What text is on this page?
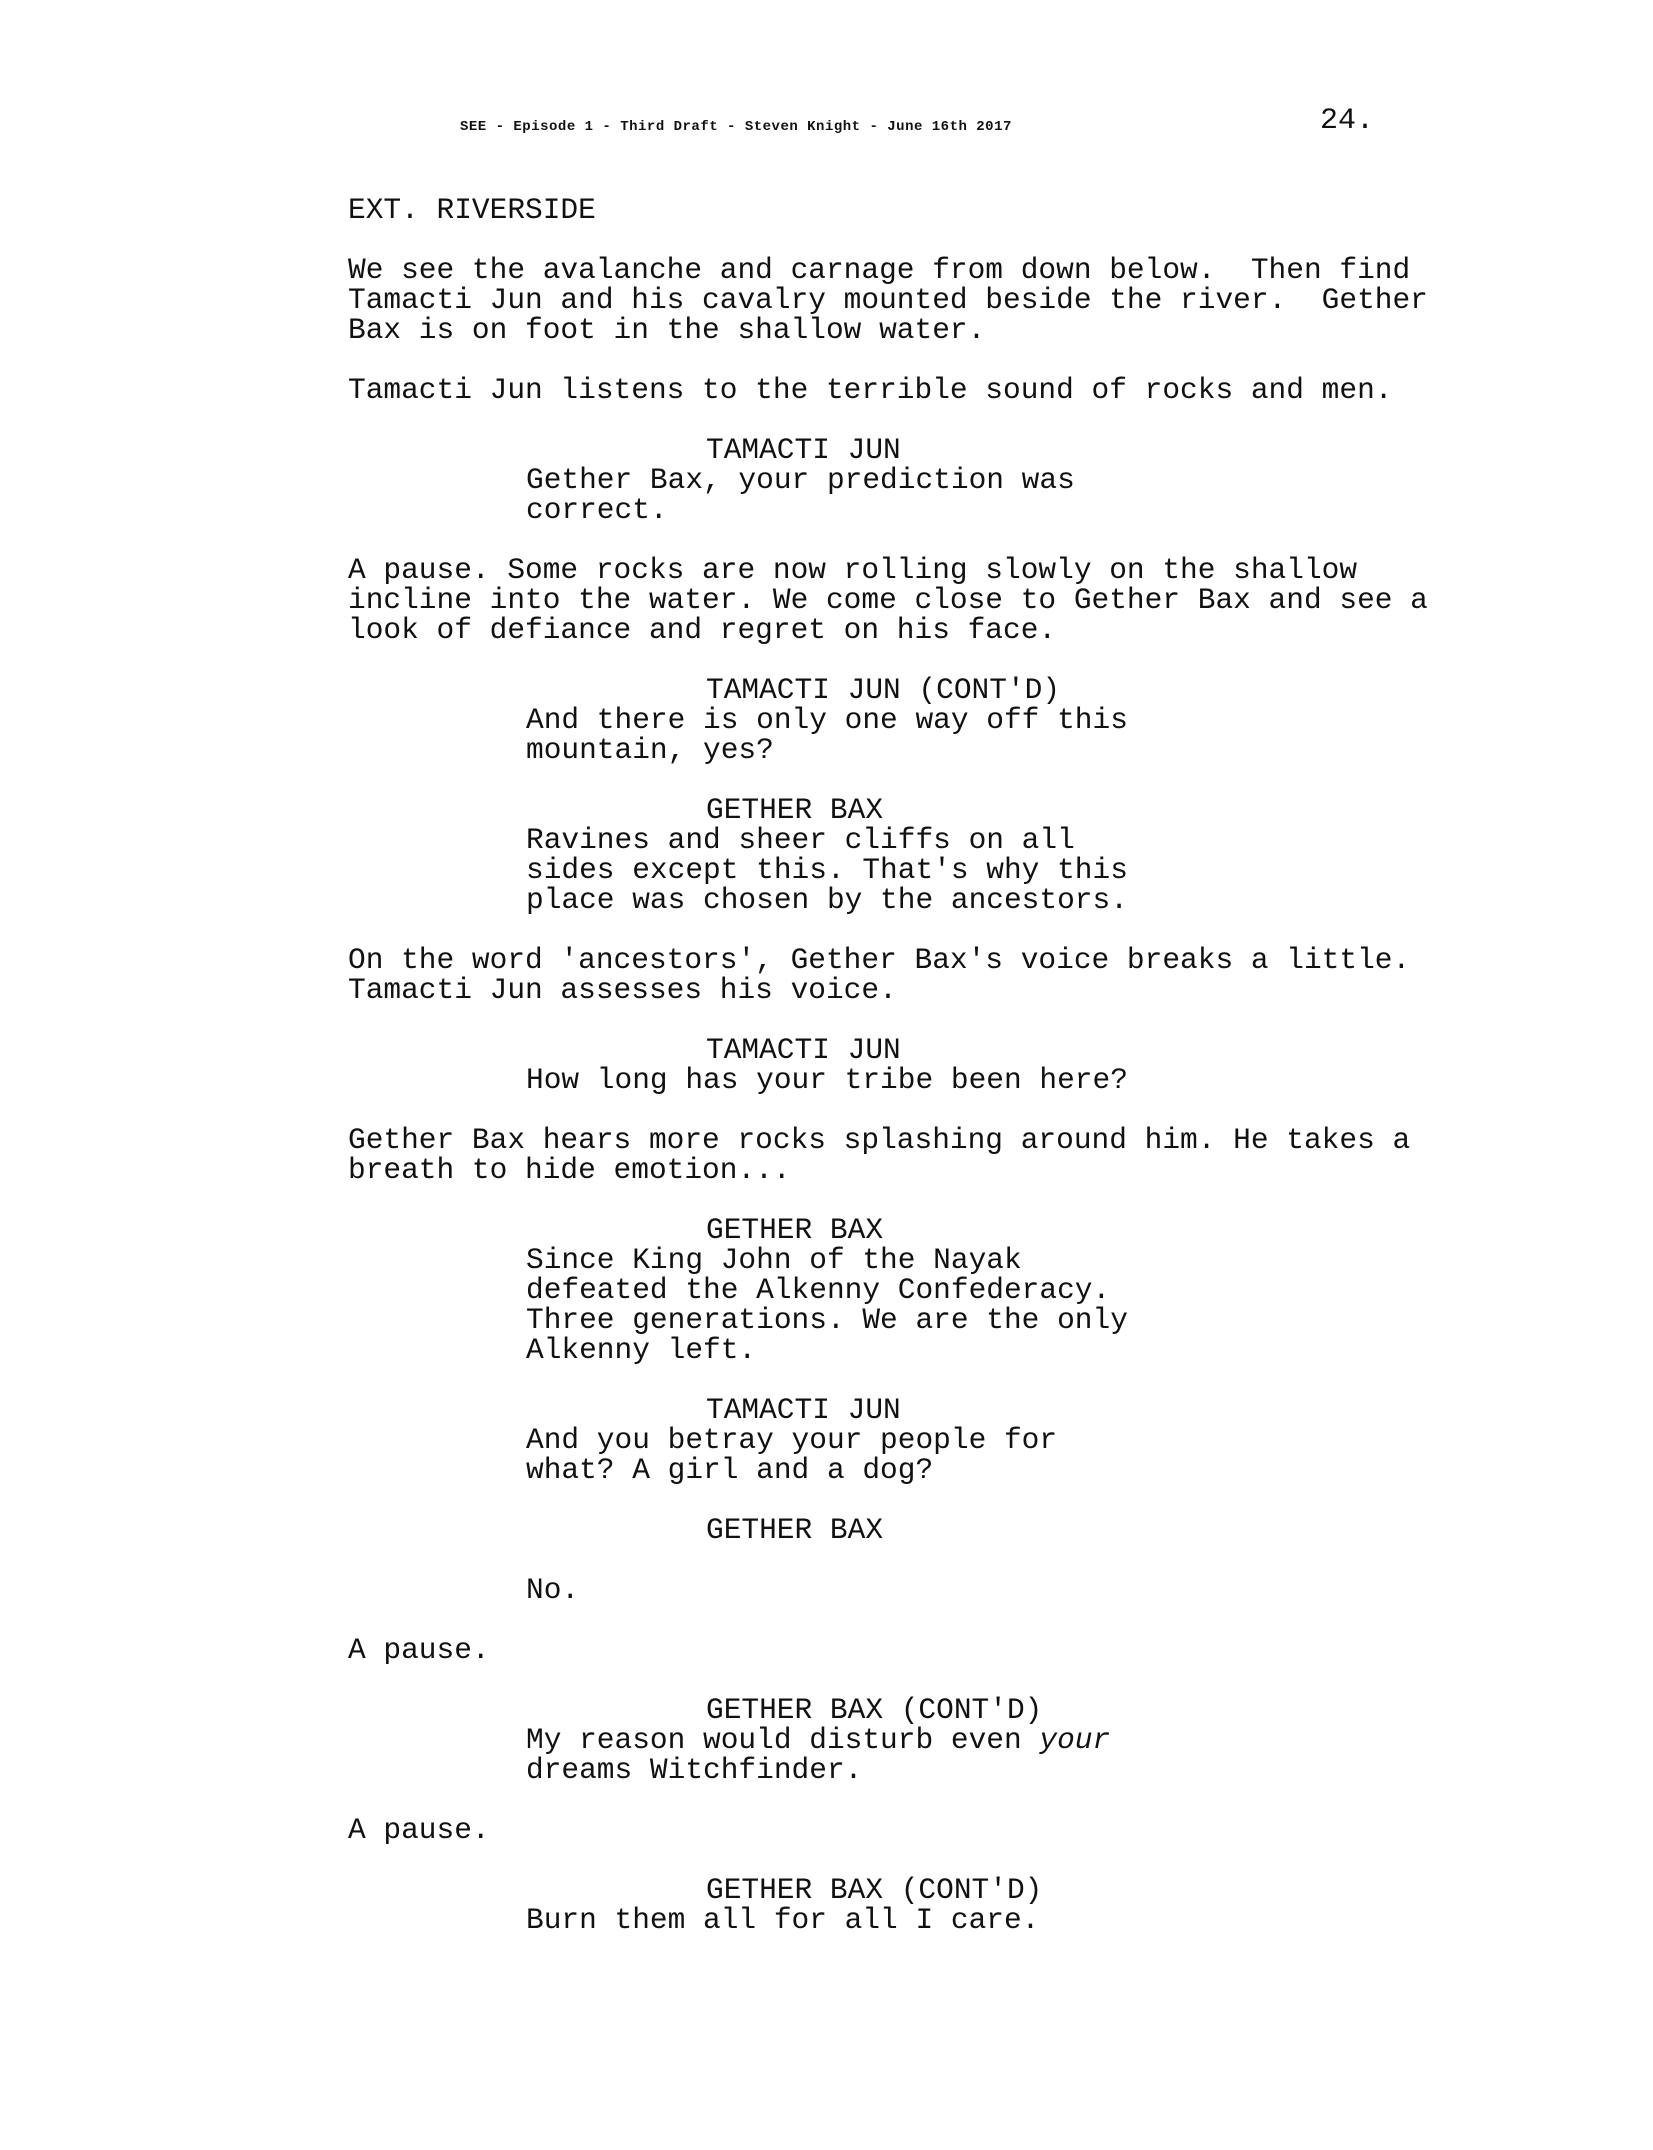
SEE - Episode 1 - Third Draft - Steven Knight - June 16th 2017	24.
EXT. RIVERSIDE
We see the avalanche and carnage from down below.  Then find
Tamacti Jun and his cavalry mounted beside the river.  Gether
Bax is on foot in the shallow water.
Tamacti Jun listens to the terrible sound of rocks and men.
TAMACTI JUN
Gether Bax, your prediction was
correct.
A pause. Some rocks are now rolling slowly on the shallow
incline into the water. We come close to Gether Bax and see a
look of defiance and regret on his face.
TAMACTI JUN (CONT'D)
And there is only one way off this
mountain, yes?
GETHER BAX
Ravines and sheer cliffs on all
sides except this. That's why this
place was chosen by the ancestors.
On the word 'ancestors', Gether Bax's voice breaks a little.
Tamacti Jun assesses his voice.
TAMACTI JUN
How long has your tribe been here?
Gether Bax hears more rocks splashing around him. He takes a
breath to hide emotion...
GETHER BAX
Since King John of the Nayak
defeated the Alkenny Confederacy.
Three generations. We are the only
Alkenny left.
TAMACTI JUN
And you betray your people for
what? A girl and a dog?
GETHER BAX
No.
A pause.
GETHER BAX (CONT'D)
My reason would disturb even your
dreams Witchfinder.
A pause.
GETHER BAX (CONT'D)
Burn them all for all I care.
